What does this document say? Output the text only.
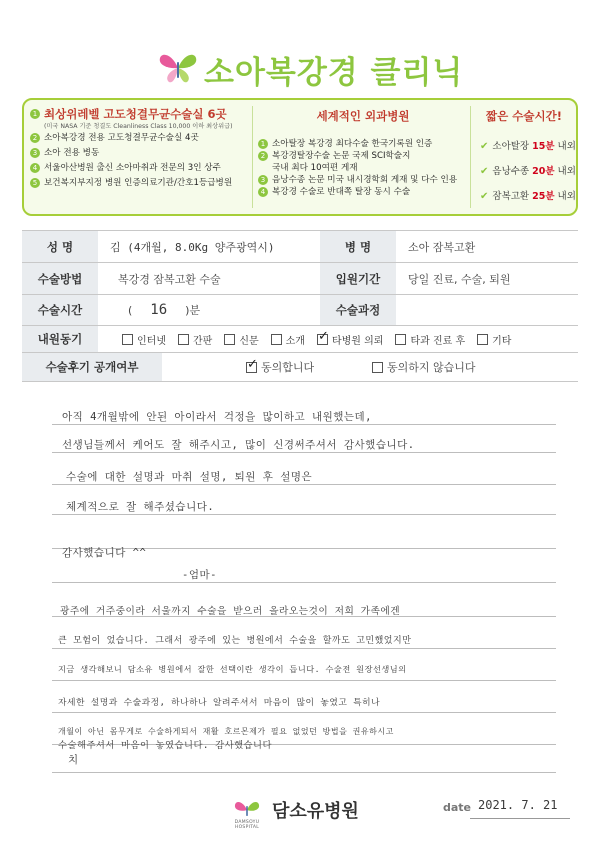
소아복강경 클리닉
1 최상위레벨 고도청결무균수술실 6곳
(미국 NASA 기준 청결도 Cleanliness Class 10,000 이하 최상위급)
2 소아복강경 전용 고도청결무균수술실 4곳
3 소아 전용 병동
4 서울아산병원 출신 소아마취과 전문의 3인 상주
5 보건복지부지정 병원 인증의료기관/간호1등급병원
세계적인 외과병원
1 소아탈장 복강경 최다수술 한국기록원 인증
2 복강경탈장수술 논문 국제 SCI학술지
국내 최다 10여편 게재
3 음낭수종 논문 미국 내시경학회 게재 및 다수 인용
4 복강경 수술로 반대쪽 탈장 동시 수술
짧은 수술시간!
✔ 소아탈장 15분 내외
✔ 음낭수종 20분 내외
✔ 잠복고환 25분 내외
성 명	김 (4개월, 8.0Kg 양주광역시)	병 명	소아 잠복고환
수술방법	복강경 잠복고환 수술	입원기간	당일 진료, 수술, 퇴원
수술시간	( 16 )분	수술과정
내원동기	인터넷	간판	신문	소개 ✓	타병원 의뢰	타과 진료 후	기타
수술후기 공개여부 ✓	동의합니다	동의하지 않습니다
아직 4개월밖에 안된 아이라서 걱정을 많이하고 내원했는데,
선생님들께서 케어도 잘 해주시고, 많이 신경써주셔서 감사했습니다.
수술에 대한 설명과 마취 설명, 퇴원 후 설명은
체계적으로 잘 해주셨습니다.
감사했습니다 ^^
-엄마-
광주에 거주중이라 서울까지 수술을 받으러 올라오는것이 저희 가족에겐
큰 모험이 었습니다. 그래서 광주에 있는 병원에서 수술을 할까도 고민했었지만
지금 생각해보니 담소유 병원에서 잘한 선택이란 생각이 듭니다. 수술전 원장선생님의
자세한 설명과 수술과정, 하나하나 알려주셔서 마음이 많이 놓였고 특히나
개월이 아닌 몸무게로 수술하게되서 재활 호르몬제가 필요 없었던 방법을 권유하시고
수술해주셔서 마음이 놓였습니다. 감사했습니다
치
DAMSOYU HOSPITAL
담소유병원	date 2021. 7. 21
